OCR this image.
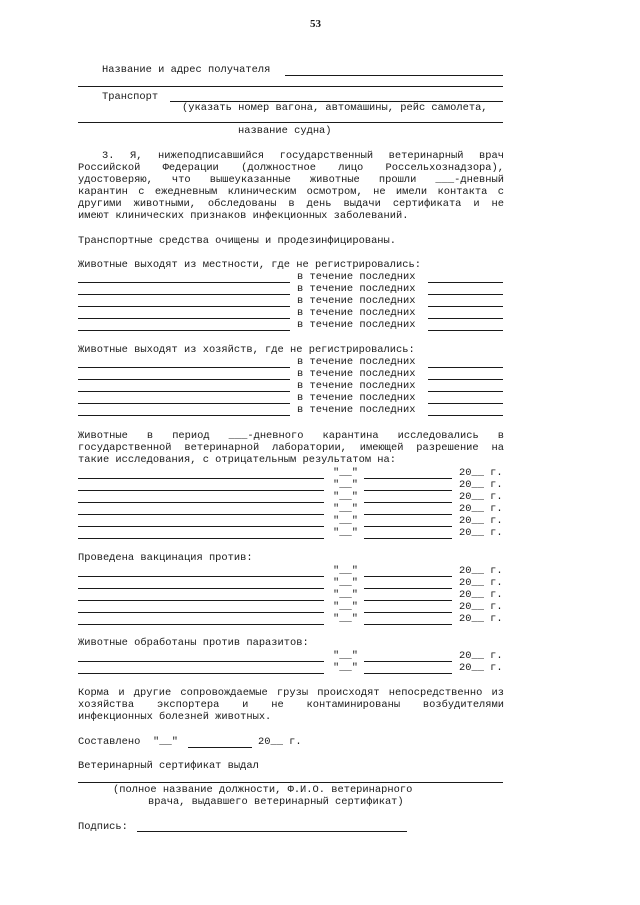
53
Название и адрес получателя
Транспорт
(указать номер вагона, автомашины, рейс самолета,
название судна)
3. Я, нижеподписавшийся государственный ветеринарный врач
Российской Федерации (должностное лицо Россельхознадзора),
удостоверяю, что вышеуказанные животные прошли ___-дневный
карантин с ежедневным клиническим осмотром, не имели контакта с
другими животными, обследованы в день выдачи сертификата и не
имеют клинических признаков инфекционных заболеваний.
Транспортные средства очищены и продезинфицированы.
Животные выходят из местности, где не регистрировались:
в течение последних
в течение последних
в течение последних
в течение последних
в течение последних
Животные выходят из хозяйств, где не регистрировались:
в течение последних
в течение последних
в течение последних
в течение последних
в течение последних
Животные в период ___-дневного карантина исследовались в
государственной ветеринарной лаборатории, имеющей разрешение на
такие исследования, с отрицательным результатом на:
"__"	20__ г.
"__"	20__ г.
"__"	20__ г.
"__"	20__ г.
"__"	20__ г.
"__"	20__ г.
Проведена вакцинация против:
"__"	20__ г.
"__"	20__ г.
"__"	20__ г.
"__"	20__ г.
"__"	20__ г.
Животные обработаны против паразитов:
"__"	20__ г.
"__"	20__ г.
Корма и другие сопровождаемые грузы происходят непосредственно из
хозяйства экспортера и не контаминированы возбудителями
инфекционных болезней животных.
Составлено "__"	20__ г.
Ветеринарный сертификат выдал
(полное название должности, Ф.И.О. ветеринарного
врача, выдавшего ветеринарный сертификат)
Подпись:
